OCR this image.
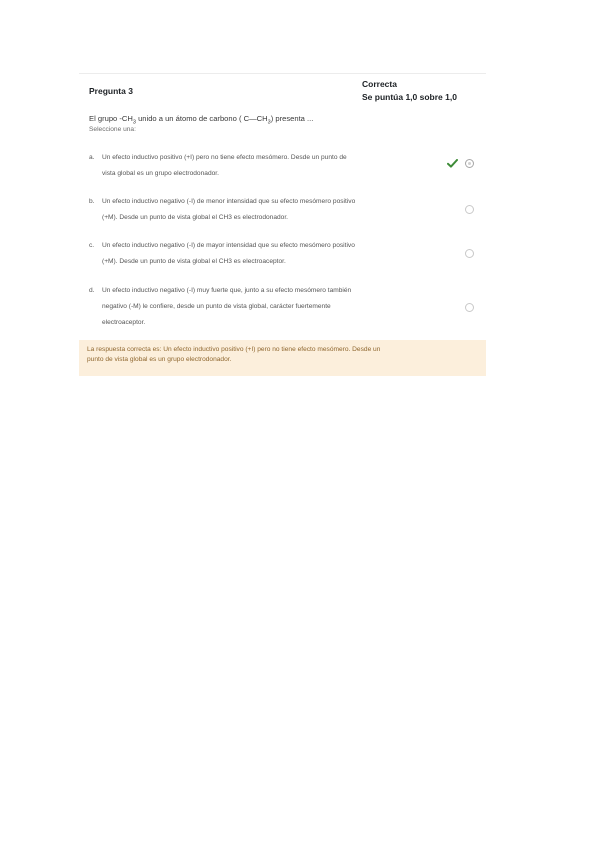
Pregunta 3
Correcta
Se puntúa 1,0 sobre 1,0
El grupo $-CH_3$ unido a un átomo de carbono ( $C—CH_3$) presenta ...
Seleccione una:
a.	Un efecto inductivo positivo (+I) pero no tiene efecto mesómero. Desde un punto de
vista global es un grupo electrodonador.
b.	Un efecto inductivo negativo (-I) de menor intensidad que su efecto mesómero positivo
(+M). Desde un punto de vista global el CH3 es electrodonador.
c.	Un efecto inductivo negativo (-I) de mayor intensidad que su efecto mesómero positivo
(+M). Desde un punto de vista global el CH3 es electroaceptor.
d.	Un efecto inductivo negativo (-I) muy fuerte que, junto a su efecto mesómero también
negativo (-M) le confiere, desde un punto de vista global, carácter fuertemente
electroaceptor.
La respuesta correcta es: Un efecto inductivo positivo (+I) pero no tiene efecto mesómero. Desde un
punto de vista global es un grupo electrodonador.
